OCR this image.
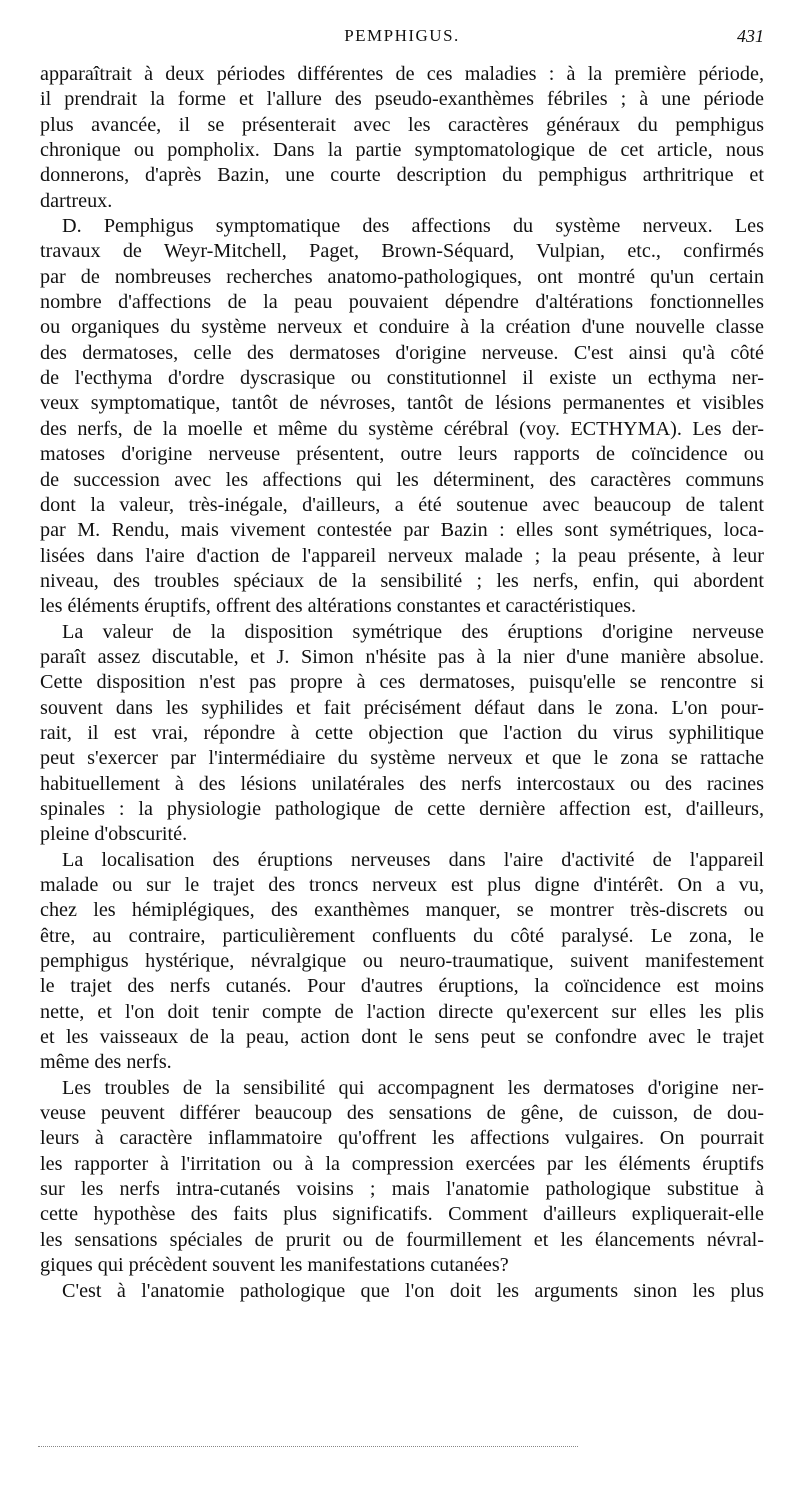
PEMPHIGUS.	431
apparaîtrait à deux périodes différentes de ces maladies : à la première période,
il prendrait la forme et l'allure des pseudo-exanthèmes fébriles ; à une période
plus avancée, il se présenterait avec les caractères généraux du pemphigus
chronique ou pompholix. Dans la partie symptomatologique de cet article, nous
donnerons, d'après Bazin, une courte description du pemphigus arthritrique et
dartreux.
D. Pemphigus symptomatique des affections du système nerveux. Les
travaux de Weyr-Mitchell, Paget, Brown-Séquard, Vulpian, etc., confirmés
par de nombreuses recherches anatomo-pathologiques, ont montré qu'un certain
nombre d'affections de la peau pouvaient dépendre d'altérations fonctionnelles
ou organiques du système nerveux et conduire à la création d'une nouvelle classe
des dermatoses, celle des dermatoses d'origine nerveuse. C'est ainsi qu'à côté
de l'ecthyma d'ordre dyscrasique ou constitutionnel il existe un ecthyma ner-
veux symptomatique, tantôt de névroses, tantôt de lésions permanentes et visibles
des nerfs, de la moelle et même du système cérébral (voy. ECTHYMA). Les der-
matoses d'origine nerveuse présentent, outre leurs rapports de coïncidence ou
de succession avec les affections qui les déterminent, des caractères communs
dont la valeur, très-inégale, d'ailleurs, a été soutenue avec beaucoup de talent
par M. Rendu, mais vivement contestée par Bazin : elles sont symétriques, loca-
lisées dans l'aire d'action de l'appareil nerveux malade ; la peau présente, à leur
niveau, des troubles spéciaux de la sensibilité ; les nerfs, enfin, qui abordent
les éléments éruptifs, offrent des altérations constantes et caractéristiques.
La valeur de la disposition symétrique des éruptions d'origine nerveuse
paraît assez discutable, et J. Simon n'hésite pas à la nier d'une manière absolue.
Cette disposition n'est pas propre à ces dermatoses, puisqu'elle se rencontre si
souvent dans les syphilides et fait précisément défaut dans le zona. L'on pour-
rait, il est vrai, répondre à cette objection que l'action du virus syphilitique
peut s'exercer par l'intermédiaire du système nerveux et que le zona se rattache
habituellement à des lésions unilatérales des nerfs intercostaux ou des racines
spinales : la physiologie pathologique de cette dernière affection est, d'ailleurs,
pleine d'obscurité.
La localisation des éruptions nerveuses dans l'aire d'activité de l'appareil
malade ou sur le trajet des troncs nerveux est plus digne d'intérêt. On a vu,
chez les hémiplégiques, des exanthèmes manquer, se montrer très-discrets ou
être, au contraire, particulièrement confluents du côté paralysé. Le zona, le
pemphigus hystérique, névralgique ou neuro-traumatique, suivent manifestement
le trajet des nerfs cutanés. Pour d'autres éruptions, la coïncidence est moins
nette, et l'on doit tenir compte de l'action directe qu'exercent sur elles les plis
et les vaisseaux de la peau, action dont le sens peut se confondre avec le trajet
même des nerfs.
Les troubles de la sensibilité qui accompagnent les dermatoses d'origine ner-
veuse peuvent différer beaucoup des sensations de gêne, de cuisson, de dou-
leurs à caractère inflammatoire qu'offrent les affections vulgaires. On pourrait
les rapporter à l'irritation ou à la compression exercées par les éléments éruptifs
sur les nerfs intra-cutanés voisins ; mais l'anatomie pathologique substitue à
cette hypothèse des faits plus significatifs. Comment d'ailleurs expliquerait-elle
les sensations spéciales de prurit ou de fourmillement et les élancements névral-
giques qui précèdent souvent les manifestations cutanées?
C'est à l'anatomie pathologique que l'on doit les arguments sinon les plus
